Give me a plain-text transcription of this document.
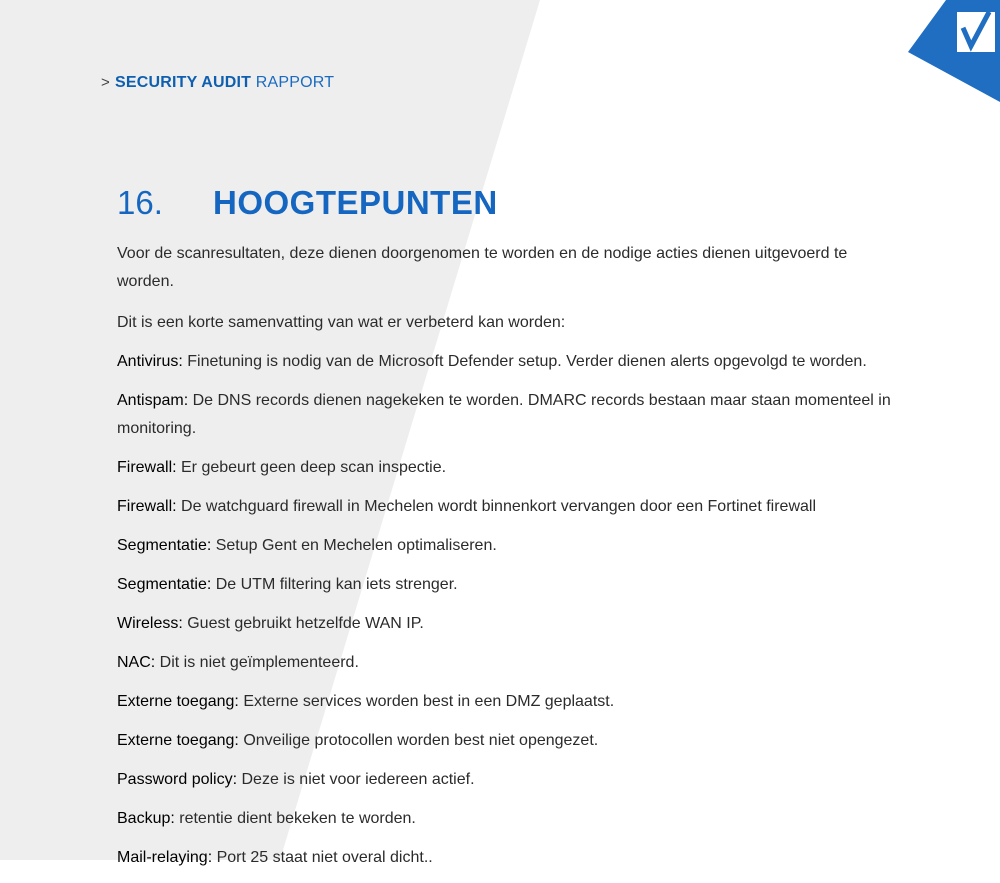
> SECURITY AUDIT RAPPORT
16. HOOGTEPUNTEN

Voor de scanresultaten, deze dienen doorgenomen te worden en de nodige acties dienen uitgevoerd te worden.

Dit is een korte samenvatting van wat er verbeterd kan worden:

Antivirus: Finetuning is nodig van de Microsoft Defender setup. Verder dienen alerts opgevolgd te worden.

Antispam: De DNS records dienen nagekeken te worden. DMARC records bestaan maar staan momenteel in monitoring.

Firewall: Er gebeurt geen deep scan inspectie.

Firewall: De watchguard firewall in Mechelen wordt binnenkort vervangen door een Fortinet firewall

Segmentatie: Setup Gent en Mechelen optimaliseren.

Segmentatie: De UTM filtering kan iets strenger.

Wireless: Guest gebruikt hetzelfde WAN IP.

NAC: Dit is niet geïmplementeerd.

Externe toegang: Externe services worden best in een DMZ geplaatst.

Externe toegang: Onveilige protocollen worden best niet opengezet.

Password policy: Deze is niet voor iedereen actief.

Backup: retentie dient bekeken te worden.

Mail-relaying: Port 25 staat niet overal dicht..
